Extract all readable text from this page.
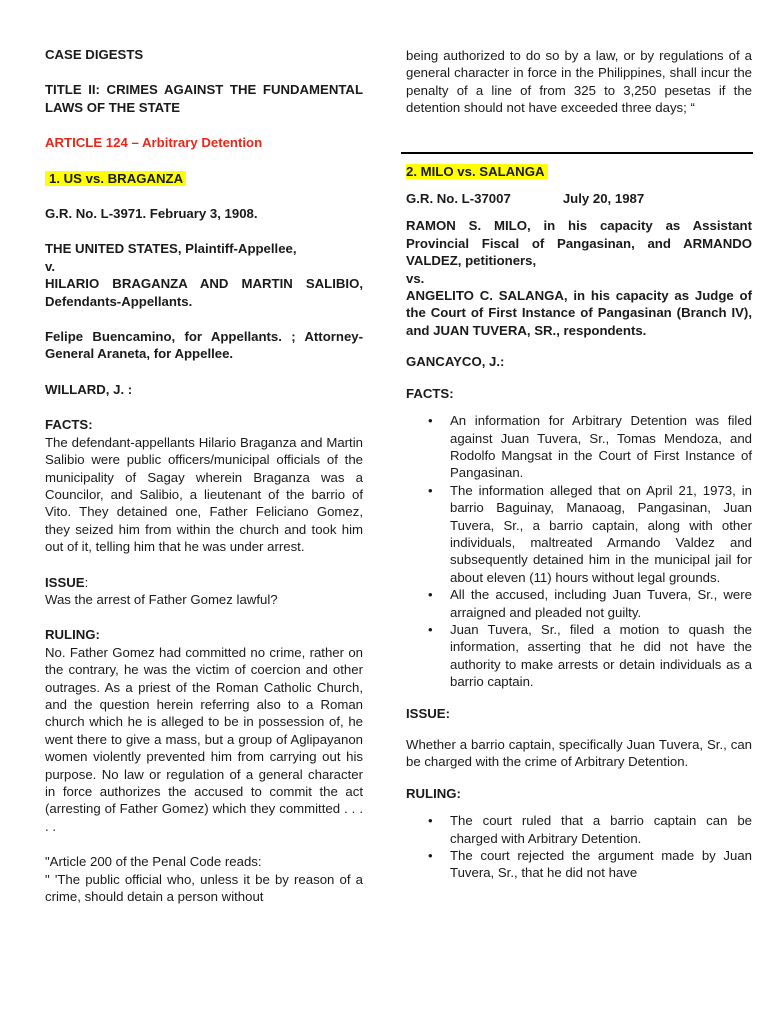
CASE DIGESTS

TITLE II: CRIMES AGAINST THE FUNDAMENTAL LAWS OF THE STATE

ARTICLE 124 – Arbitrary Detention

1. US vs. BRAGANZA

G.R. No. L-3971. February 3, 1908.

THE UNITED STATES, Plaintiff-Appellee,

v.

HILARIO BRAGANZA AND MARTIN SALIBIO, Defendants-Appellants.

Felipe Buencamino, for Appellants. ; Attorney-General Araneta, for Appellee.

WILLARD, J. :

FACTS:

The defendant-appellants Hilario Braganza and Martin Salibio were public officers/municipal officials of the municipality of Sagay wherein Braganza was a Councilor, and Salibio, a lieutenant of the barrio of Vito. They detained one, Father Feliciano Gomez, they seized him from within the church and took him out of it, telling him that he was under arrest.

ISSUE:

Was the arrest of Father Gomez lawful?

RULING:

No. Father Gomez had committed no crime, rather on the contrary, he was the victim of coercion and other outrages. As a priest of the Roman Catholic Church, and the question herein referring also to a Roman church which he is alleged to be in possession of, he went there to give a mass, but a group of Aglipayanon women violently prevented him from carrying out his purpose. No law or regulation of a general character in force authorizes the accused to commit the act (arresting of Father Gomez) which they committed . . . . .

"Article 200 of the Penal Code reads:

" 'The public official who, unless it be by reason of a crime, should detain a person without

being authorized to do so by a law, or by regulations of a general character in force in the Philippines, shall incur the penalty of a line of from 325 to 3,250 pesetas if the detention should not have exceeded three days; “

2. MILO vs. SALANGA

G.R. No. L-37007	July 20, 1987

RAMON S. MILO, in his capacity as Assistant Provincial Fiscal of Pangasinan, and ARMANDO VALDEZ, petitioners,

vs.

ANGELITO C. SALANGA, in his capacity as Judge of the Court of First Instance of Pangasinan (Branch IV), and JUAN TUVERA, SR., respondents.

GANCAYCO, J.:

FACTS:

• An information for Arbitrary Detention was filed against Juan Tuvera, Sr., Tomas Mendoza, and Rodolfo Mangsat in the Court of First Instance of Pangasinan.
• The information alleged that on April 21, 1973, in barrio Baguinay, Manaoag, Pangasinan, Juan Tuvera, Sr., a barrio captain, along with other individuals, maltreated Armando Valdez and subsequently detained him in the municipal jail for about eleven (11) hours without legal grounds.
• All the accused, including Juan Tuvera, Sr., were arraigned and pleaded not guilty.
• Juan Tuvera, Sr., filed a motion to quash the information, asserting that he did not have the authority to make arrests or detain individuals as a barrio captain.

ISSUE:

Whether a barrio captain, specifically Juan Tuvera, Sr., can be charged with the crime of Arbitrary Detention.

RULING:

• The court ruled that a barrio captain can be charged with Arbitrary Detention.
• The court rejected the argument made by Juan Tuvera, Sr., that he did not have
